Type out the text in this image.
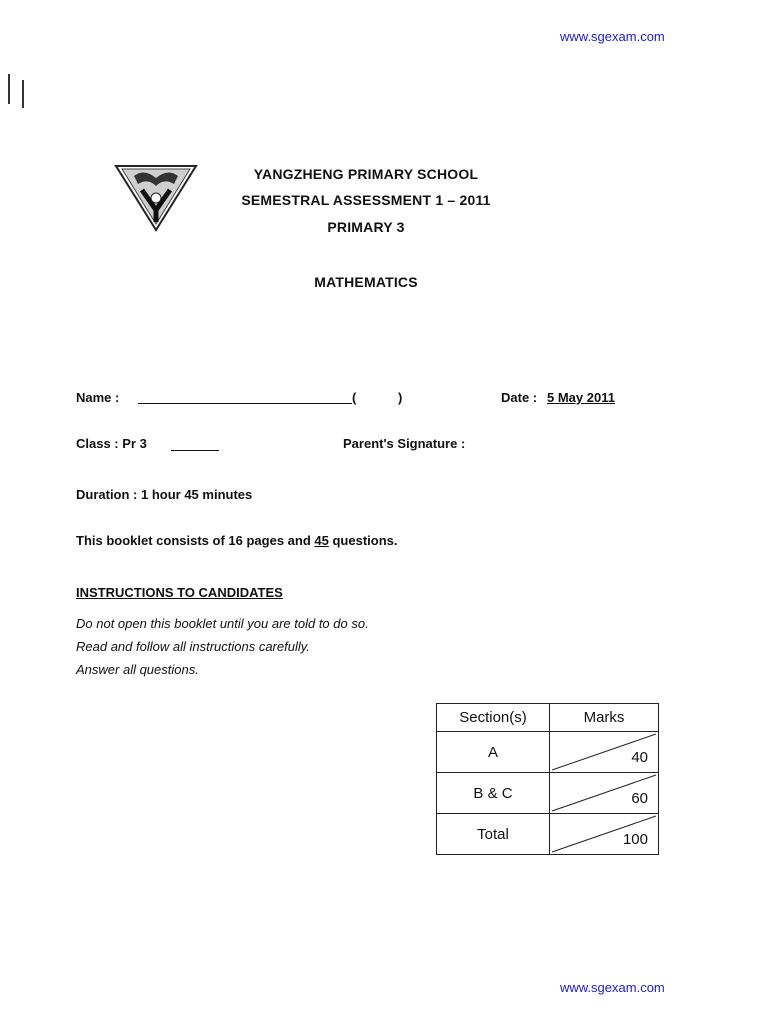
www.sgexam.com
YANGZHENG PRIMARY SCHOOL
SEMESTRAL ASSESSMENT 1 – 2011
PRIMARY 3
MATHEMATICS
Name :	(	)	Date : 5 May 2011
Class : Pr 3	Parent's Signature :
Duration : 1 hour 45 minutes
This booklet consists of 16 pages and 45 questions.
INSTRUCTIONS TO CANDIDATES
Do not open this booklet until you are told to do so.
Read and follow all instructions carefully.
Answer all questions.
Section(s)	Marks
A	40

B & C	60

Total	100
www.sgexam.com
